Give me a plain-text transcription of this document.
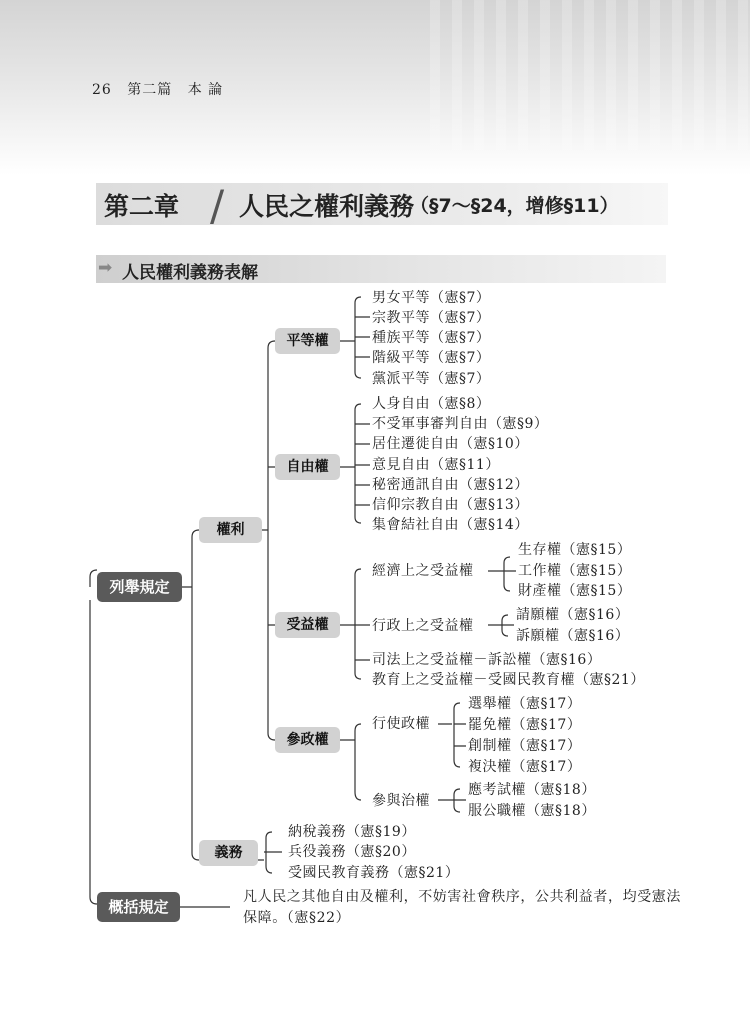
26 第二篇 本 論
第二章 / 人民之權利義務
（§7～§24，增修§11）
➡ 人民權利義務表解
列舉規定
概括規定
權利
義務
平等權
自由權
受益權
參政權
男女平等（憲§7）
宗教平等（憲§7）
種族平等（憲§7）
階級平等（憲§7）
黨派平等（憲§7）
人身自由（憲§8）
不受軍事審判自由（憲§9）
居住遷徙自由（憲§10）
意見自由（憲§11）
秘密通訊自由（憲§12）
信仰宗教自由（憲§13）
集會結社自由（憲§14）
經濟上之受益權
生存權（憲§15）
工作權（憲§15）
財產權（憲§15）
行政上之受益權
請願權（憲§16）
訴願權（憲§16）
司法上之受益權－訴訟權（憲§16）
教育上之受益權－受國民教育權（憲§21）
行使政權
選舉權（憲§17）
罷免權（憲§17）
創制權（憲§17）
複決權（憲§17）
參與治權
應考試權（憲§18）
服公職權（憲§18）
納稅義務（憲§19）
兵役義務（憲§20）
受國民教育義務（憲§21）
凡人民之其他自由及權利，不妨害社會秩序，公共利益者，均受憲法保障。（憲§22）
